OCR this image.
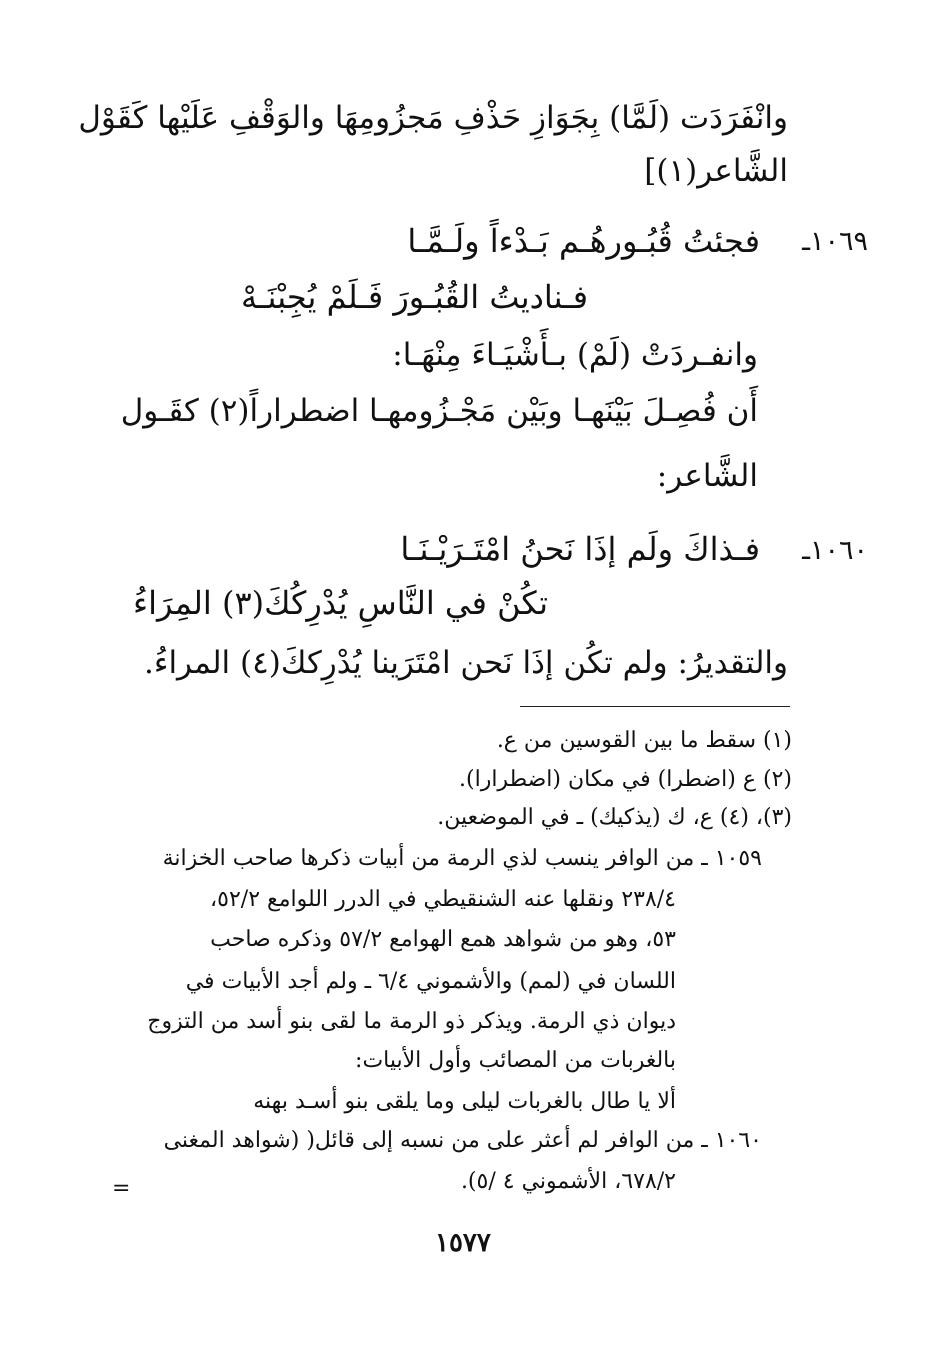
وانْفَرَدَت (لَمَّا) بِجَوَازِ حَذْفِ مَجزُومِهَا والوَقْفِ عَلَيْها كَقَوْل
الشَّاعر(١)]
١٠٦٩ـ
فجئتُ قُبُـورهُـم بَـدْءاً ولَـمَّـا
فـناديتُ القُبُـورَ فَـلَمْ يُجِبْنَـهْ
وانفـردَتْ (لَمْ) بـأَشْيَـاءَ مِنْهَـا:
أَن فُصِـلَ بَيْنَهـا وبَيْن مَجْـزُومهـا اضطراراً(٢) كقَـول
الشَّاعر:
١٠٦٠ـ
فـذاكَ ولَم إذَا نَحنُ امْتَـرَيْـنَـا
تكُنْ في النَّاسِ يُدْرِكُكَ(٣) المِرَاءُ
والتقديرُ: ولم تكُن إذَا نَحن امْتَرَينا يُدْرِككَ(٤) المراءُ.
(١) سقط ما بين القوسين من ع.
(٢) ع (اضطرا) في مكان (اضطرارا).
(٣)، (٤) ع، ك (يذكيك) ـ في الموضعين.
١٠٥٩ ـ من الوافر ينسب لذي الرمة من أبيات ذكرها صاحب الخزانة
٢٣٨/٤ ونقلها عنه الشنقيطي في الدرر اللوامع ٥٢/٢،
٥٣، وهو من شواهد همع الهوامع ٥٧/٢ وذكره صاحب
اللسان في (لمم) والأشموني ٦/٤ ـ ولم أجد الأبيات في
ديوان ذي الرمة. ويذكر ذو الرمة ما لقى بنو أسد من التزوج
بالغربات من المصائب وأول الأبيات:
ألا يا طال بالغربات ليلى وما يلقى بنو أسـد بهنه
١٠٦٠ ـ من الوافر لم أعثر على من نسبه إلى قائل( (شواهد المغنى
٦٧٨/٢، الأشموني ٤ /٥).
=
١٥٧٧
